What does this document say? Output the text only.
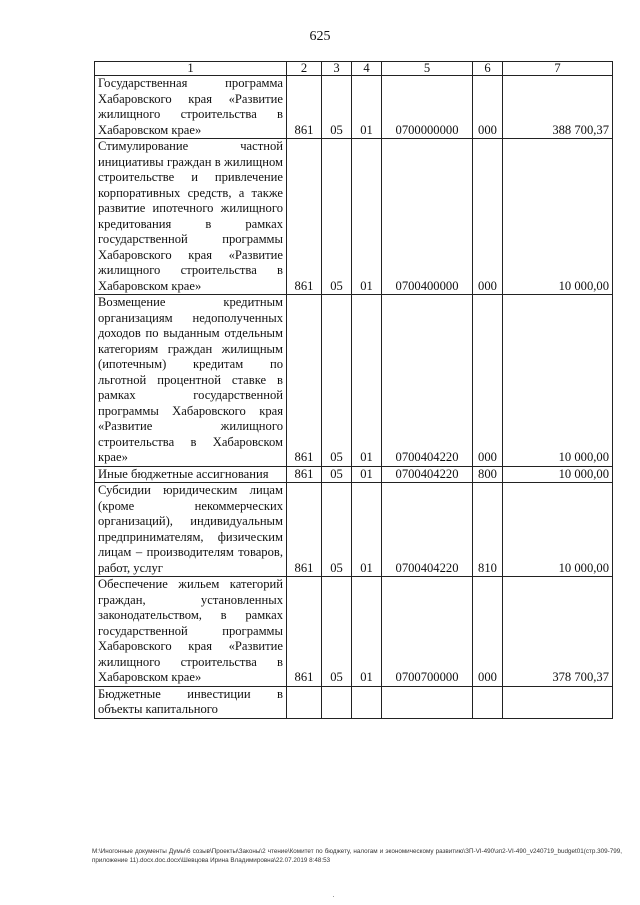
625
1	2	3	4	5	6	7
Государственная программа Хабаровского края «Развитие жилищного строительства в Хабаровском крае»	861	05	01	0700000000	000	388 700,37
Стимулирование частной инициативы граждан в жилищном строительстве и привлечение корпоративных средств, а также развитие ипотечного жилищного кредитования в рамках государственной программы Хабаровского края «Развитие жилищного строительства в Хабаровском крае»	861	05	01	0700400000	000	10 000,00
Возмещение кредитным организациям недополученных доходов по выданным отдельным категориям граждан жилищным (ипотечным) кредитам по льготной процентной ставке в рамках государственной программы Хабаровского края «Развитие жилищного строительства в Хабаровском крае»	861	05	01	0700404220	000	10 000,00
Иные бюджетные ассигнования	861	05	01	0700404220	800	10 000,00
Субсидии юридическим лицам (кроме некоммерческих организаций), индивидуальным предпринимателям, физическим лицам – производителям товаров, работ, услуг	861	05	01	0700404220	810	10 000,00
Обеспечение жильем категорий граждан, установленных законодательством, в рамках государственной программы Хабаровского края «Развитие жилищного строительства в Хабаровском крае»	861	05	01	0700700000	000	378 700,37
Бюджетные инвестиции в объекты капитального						
M:\Иногонные документы Думы\6 созыв\Проекты\Законы\2 чтение\Комитет по бюджету, налогам и экономическому развитию\ЗП-VI-490\зп2-VI-490_v240719_budget01(стр.309-799, приложение 11).docx.doc.docx\Шевцова Ирина Владимировна\22.07.2019 8:48:53
